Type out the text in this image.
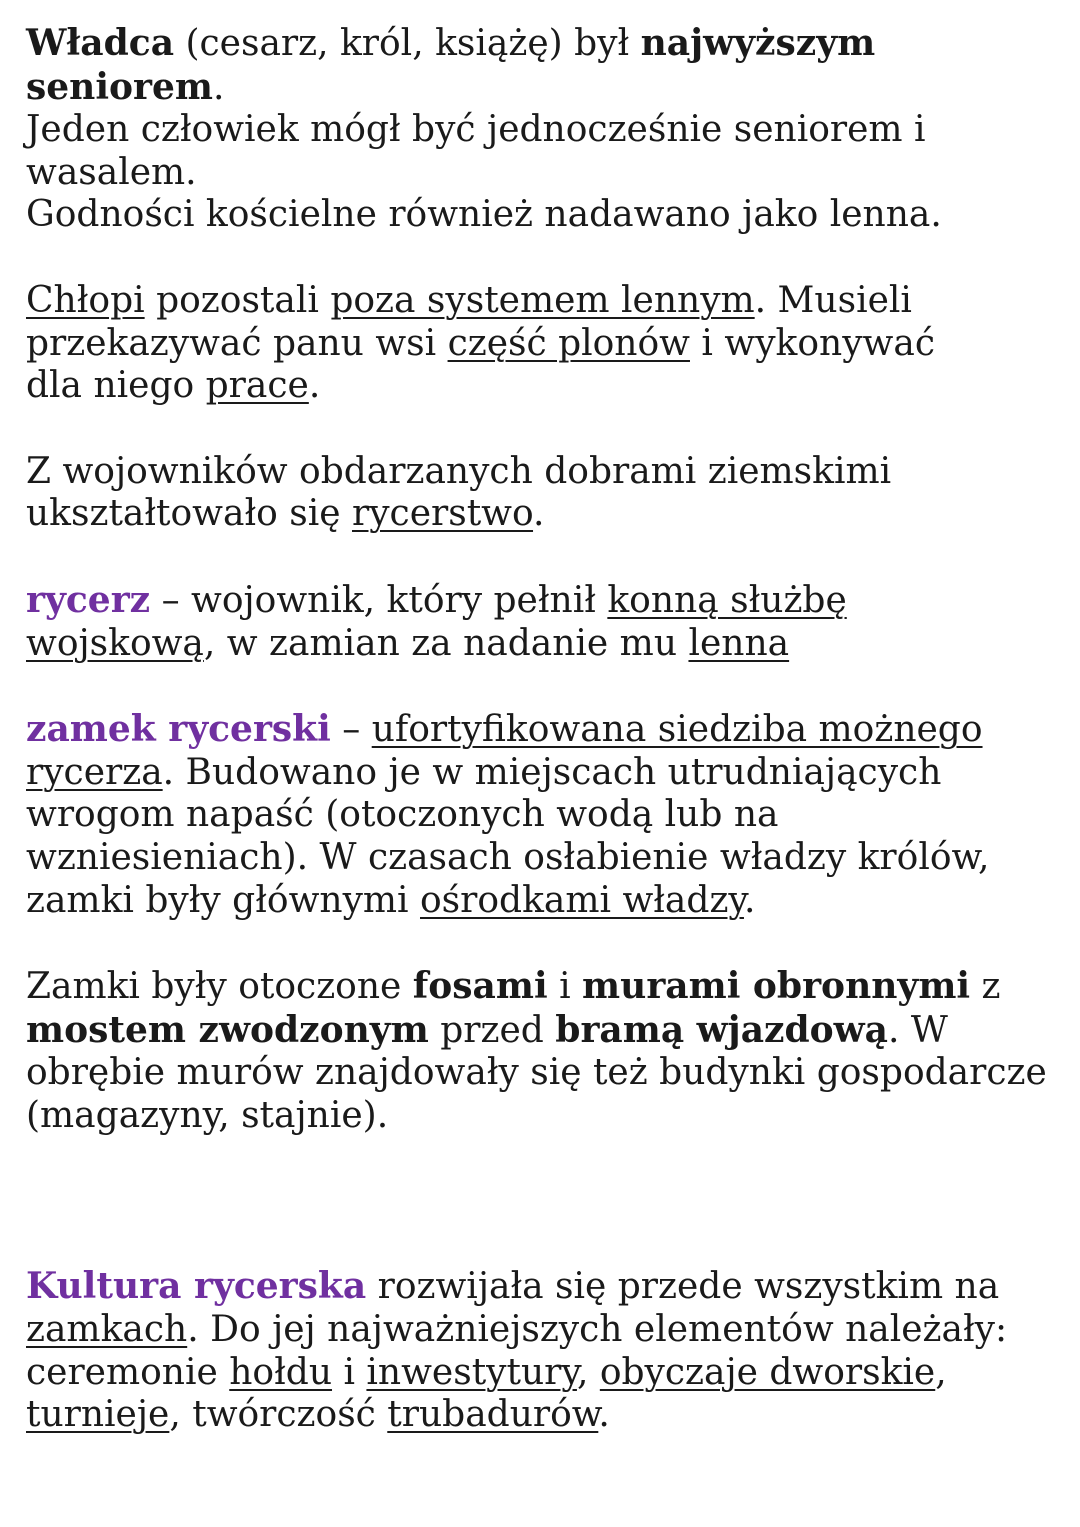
Władca (cesarz, król, książę) był najwyższym seniorem.

Jeden człowiek mógł być jednocześnie seniorem i wasalem.

Godności kościelne również nadawano jako lenna.

Chłopi pozostali poza systemem lennym. Musieli przekazywać panu wsi część plonów i wykonywać dla niego prace.

Z wojowników obdarzanych dobrami ziemskimi ukształtowało się rycerstwo.

rycerz – wojownik, który pełnił konną służbę wojskową, w zamian za nadanie mu lenna

zamek rycerski – ufortyfikowana siedziba możnego rycerza. Budowano je w miejscach utrudniających wrogom napaść (otoczonych wodą lub na wzniesieniach). W czasach osłabienie władzy królów, zamki były głównymi ośrodkami władzy.

Zamki były otoczone fosami i murami obronnymi z mostem zwodzonym przed bramą wjazdową. W obrębie murów znajdowały się też budynki gospodarcze (magazyny, stajnie).

Kultura rycerska rozwijała się przede wszystkim na zamkach. Do jej najważniejszych elementów należały: ceremonie hołdu i inwestytury, obyczaje dworskie, turnieje, twórczość trubadurów.
